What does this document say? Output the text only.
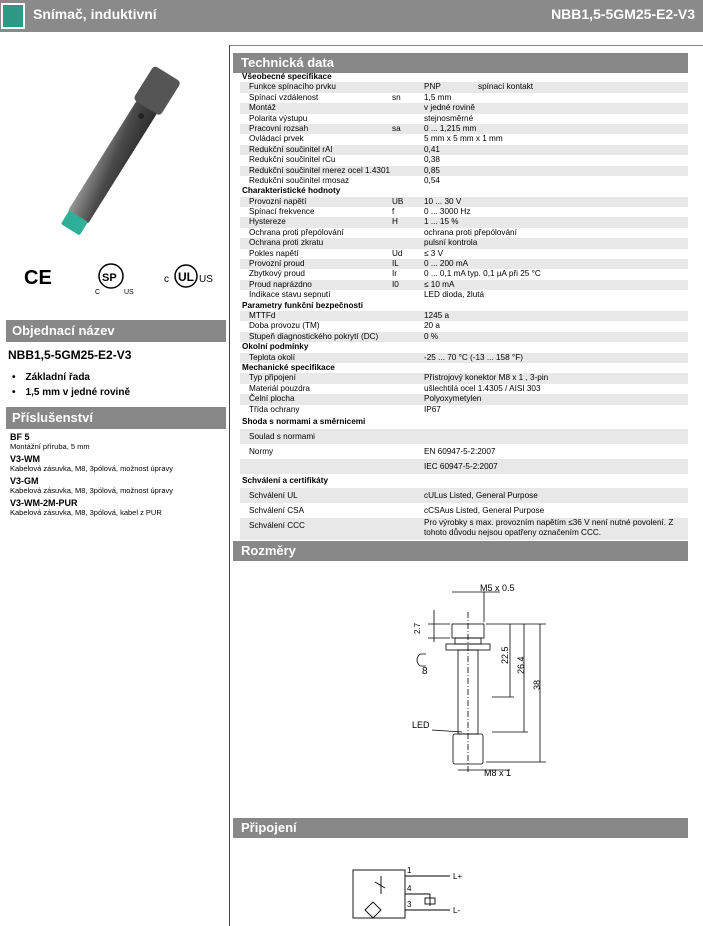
Snímač, induktivní	NBB1,5-5GM25-E2-V3
CE	SP
C	US
c UL US
Objednací název
NBB1,5-5GM25-E2-V3
• Základní řada
• 1,5 mm v jedné rovině
Příslušenství
BF 5
Montážní příruba, 5 mm
V3-WM
Kabelová zásuvka, M8, 3pólová, možnost úpravy
V3-GM
Kabelová zásuvka, M8, 3pólová, možnost úpravy
V3-WM-2M-PUR
Kabelová zásuvka, M8, 3pólová, kabel z PUR
Technická data
Všeobecné specifikace
Funkce spínacího prvku	PNP	spínací kontakt
Spínací vzdálenost	sn	1,5 mm
Montáž	v jedné rovině
Polarita výstupu	stejnosměrné
Pracovní rozsah	sa	0 ... 1,215 mm
Ovládací prvek	5 mm x 5 mm x 1 mm
Redukční součinitel rAl	0,41
Redukční součinitel rCu	0,38
Redukční součinitel rnerez ocel 1.4301	0,85
Redukční součinitel rmosaz	0,54
Charakteristické hodnoty
Provozní napětí	UB	10 ... 30 V
Spínací frekvence	f	0 ... 3000 Hz
Hystereze	H	1 ... 15 %
Ochrana proti přepólování	ochrana proti přepólování
Ochrana proti zkratu	pulsní kontrola
Pokles napětí	Ud	≤ 3 V
Provozní proud	IL	0 ... 200 mA
Zbytkový proud	Ir	0 ... 0,1 mA typ. 0,1 µA při 25 °C
Proud naprázdno	I0	≤ 10 mA
Indikace stavu sepnutí	LED dioda, žlutá
Parametry funkční bezpečnosti
MTTFd	1245 a
Doba provozu (TM)	20 a
Stupeň diagnostického pokrytí (DC)	0 %
Okolní podmínky
Teplota okolí	-25 ... 70 °C (-13 ... 158 °F)
Mechanické specifikace
Typ připojení	Přístrojový konektor M8 x 1 , 3-pin
Materiál pouzdra	ušlechtilá ocel 1.4305 / AISI 303
Čelní plocha	Polyoxymetylen
Třída ochrany	IP67
Shoda s normami a směrnicemi
Soulad s normami
Normy	EN 60947-5-2:2007
IEC 60947-5-2:2007
Schválení a certifikáty
Schválení UL	cULus Listed, General Purpose
Schválení CSA	cCSAus Listed, General Purpose
Schválení CCC	Pro výrobky s max. provozním napětím ≤36 V není nutné povolení. Z tohoto důvodu nejsou opatřeny označením CCC.
Rozměry
M5 x 0.5
2.7
22.5
26.4
38
8
LED
M8 x 1
Připojení
1
4
3
L+
L-
